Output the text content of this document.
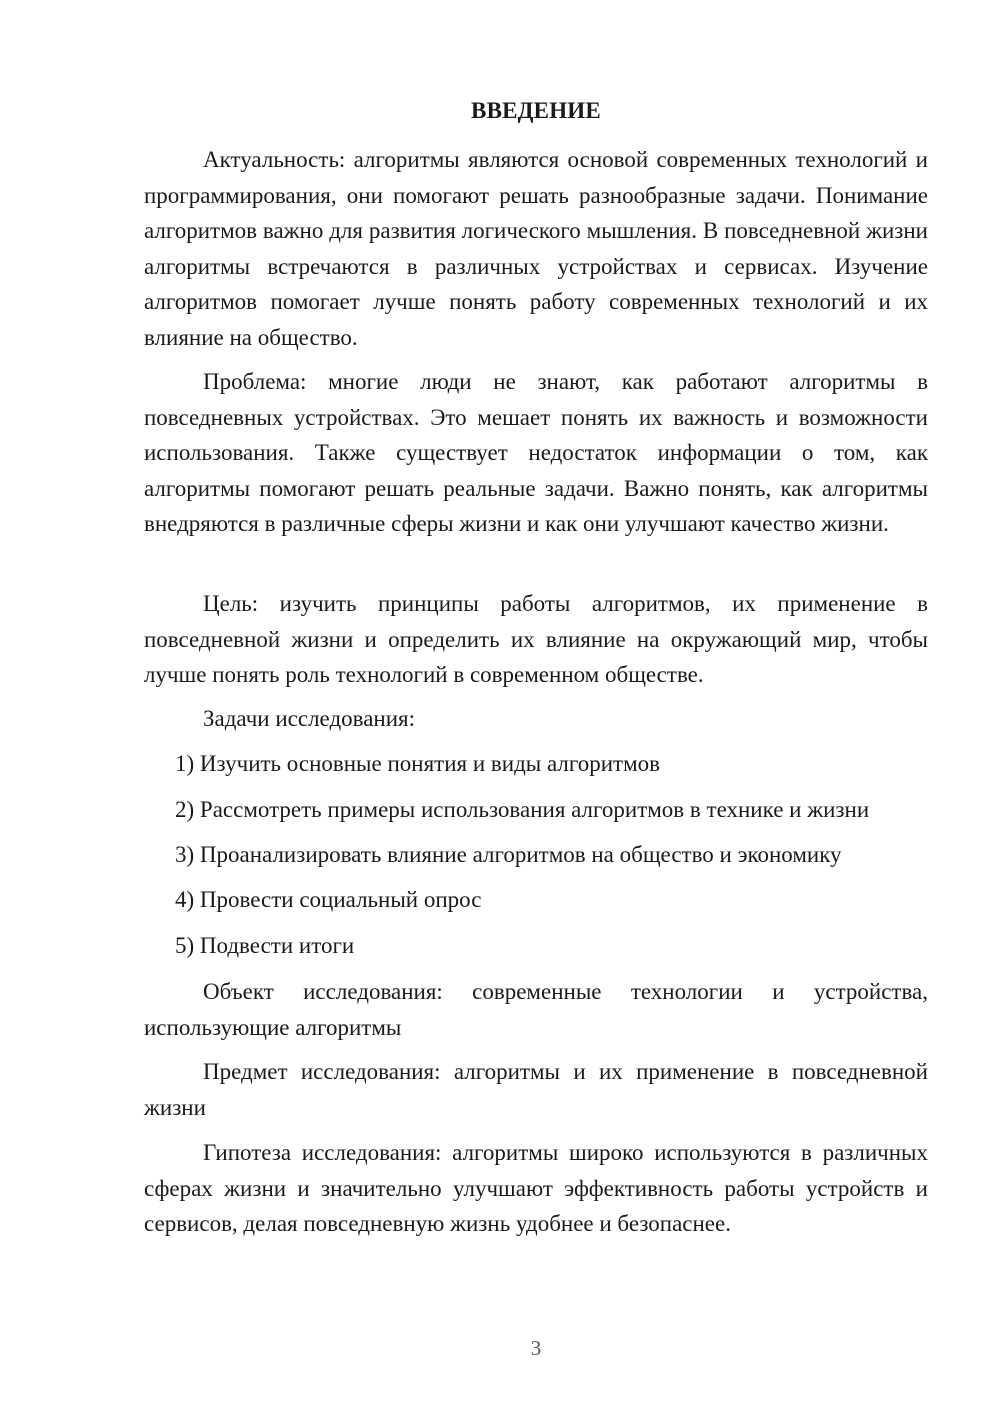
ВВЕДЕНИЕ

Актуальность: алгоритмы являются основой современных технологий и программирования, они помогают решать разнообразные задачи. Понимание алгоритмов важно для развития логического мышления. В повседневной жизни алгоритмы встречаются в различных устройствах и сервисах. Изучение алгоритмов помогает лучше понять работу современных технологий и их влияние на общество.

Проблема: многие люди не знают, как работают алгоритмы в повседневных устройствах. Это мешает понять их важность и возможности использования. Также существует недостаток информации о том, как алгоритмы помогают решать реальные задачи. Важно понять, как алгоритмы внедряются в различные сферы жизни и как они улучшают качество жизни.

Цель: изучить принципы работы алгоритмов, их применение в повседневной жизни и определить их влияние на окружающий мир, чтобы лучше понять роль технологий в современном обществе.

Задачи исследования:

1) Изучить основные понятия и виды алгоритмов

2) Рассмотреть примеры использования алгоритмов в технике и жизни

3) Проанализировать влияние алгоритмов на общество и экономику

4) Провести социальный опрос

5) Подвести итоги

Объект исследования: современные технологии и устройства, использующие алгоритмы

Предмет исследования: алгоритмы и их применение в повседневной жизни

Гипотеза исследования: алгоритмы широко используются в различных сферах жизни и значительно улучшают эффективность работы устройств и сервисов, делая повседневную жизнь удобнее и безопаснее.

3
